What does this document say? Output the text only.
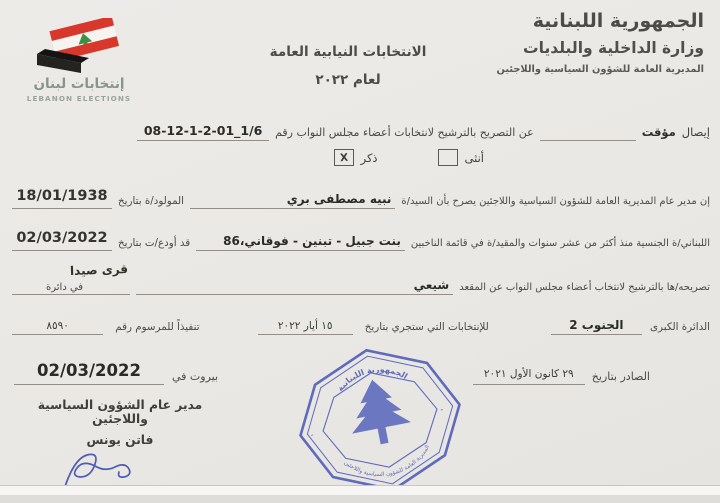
الجمهورية اللبنانية
وزارة الداخلية والبلديات
المديرية العامة للشؤون السياسية واللاجئين
الانتخابات النيابية العامة
لعام ٢٠٢٢
إنتخابات لبنان
LEBANON ELECTIONS
إيصال
مؤقت
عن التصريح بالترشيح لانتخابات أعضاء مجلس النواب رقم
08-12-1-2-01_1/6
أنثى
ذكر
X
إن مدير عام المديرية العامة للشؤون السياسية واللاجئين يصرح بأن السيد/ة
نبيه مصطفى بري
المولود/ة بتاريخ
18/01/1938
اللبناني/ة الجنسية منذ أكثر من عشر سنوات والمقيد/ة في قائمة الناخبين
بنت جبيل - تبنين - فوقاني،86
قد أودع/ت بتاريخ
02/03/2022
تصريحه/ها بالترشيح لانتخاب أعضاء مجلس النواب عن المقعد
شيعي
قرى صيدا
في دائرة
الدائرة الكبرى
الجنوب 2
للإنتخابات التي ستجري بتاريخ
١٥ أيار ٢٠٢٢
تنفيذاً للمرسوم رقم
٨٥٩٠
الصادر بتاريخ
٢٩ كانون الأول ٢٠٢١
بيروت في
02/03/2022
مدير عام الشؤون السياسية واللاجئين
فاتن يونس
الجمهورية اللبنانية
المديرية العامة للشؤون السياسية واللاجئين
-
-
